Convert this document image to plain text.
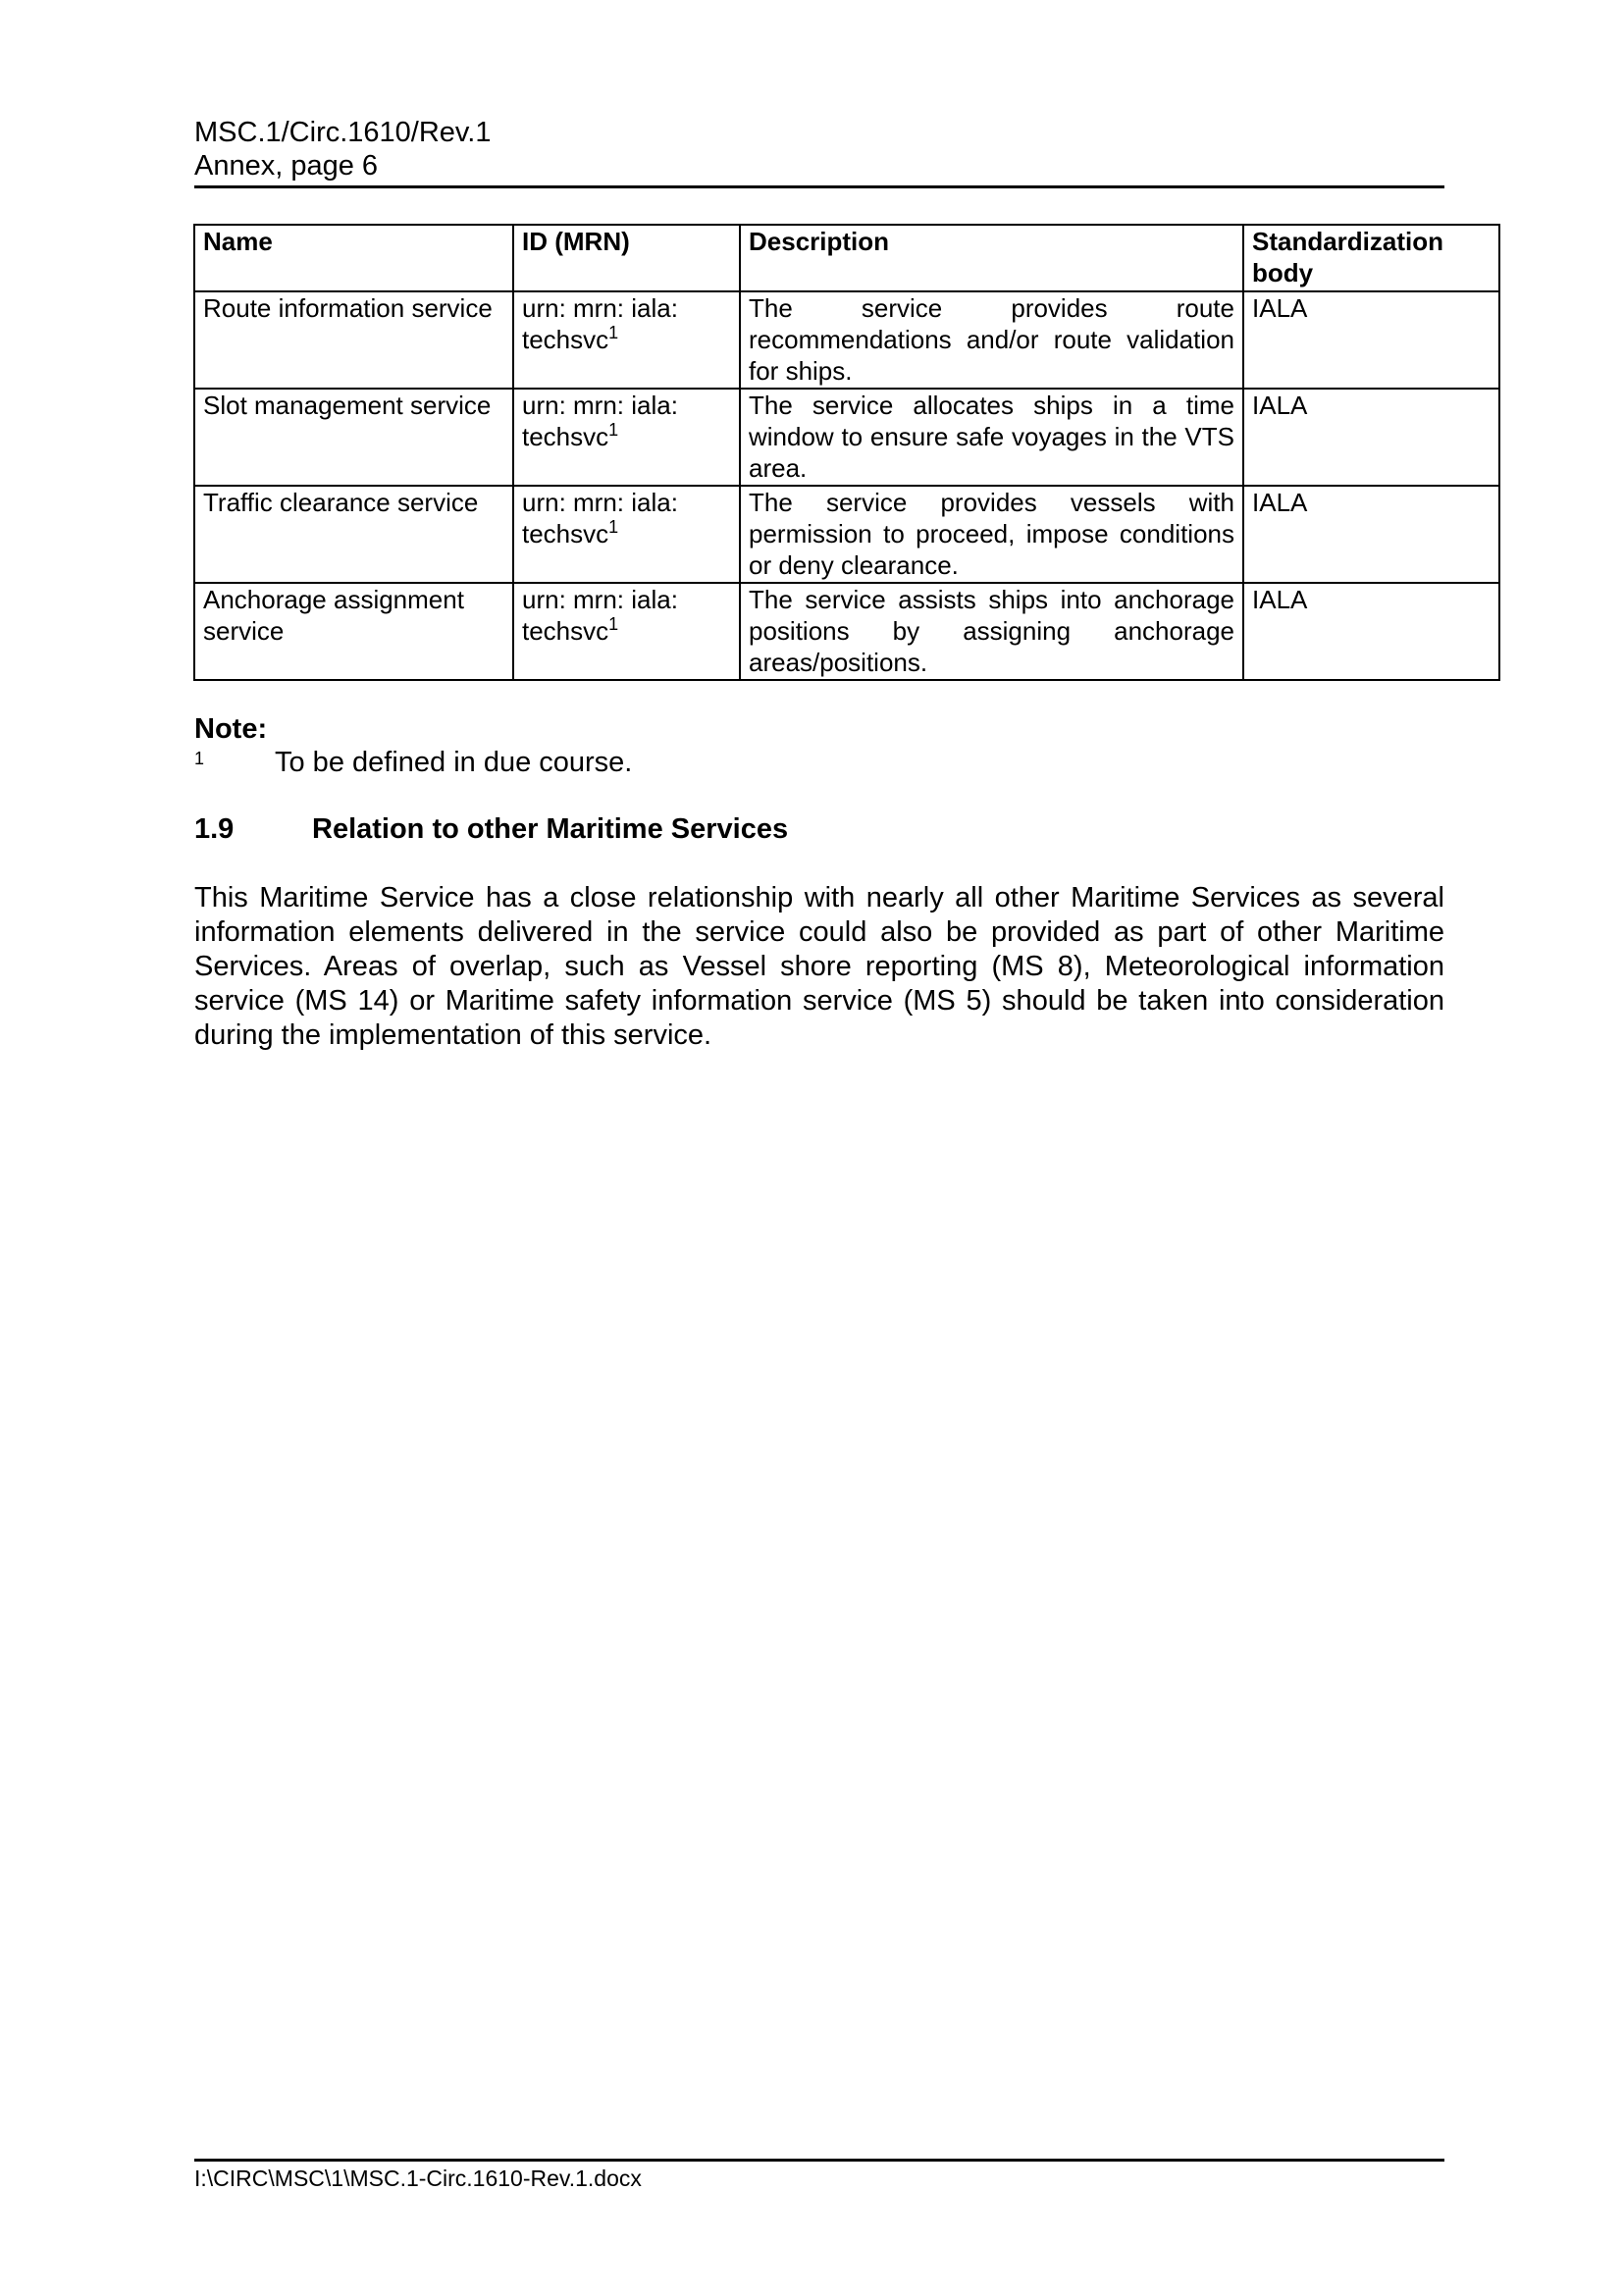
MSC.1/Circ.1610/Rev.1
Annex, page 6
Name	ID (MRN)	Description	Standardization body
Route information service	urn: mrn: iala: techsvc$^1$	The service provides route recommendations and/or route validation for ships.	IALA
Slot management service	urn: mrn: iala: techsvc$^1$	The service allocates ships in a time window to ensure safe voyages in the VTS area.	IALA
Traffic clearance service	urn: mrn: iala: techsvc$^1$	The service provides vessels with permission to proceed, impose conditions or deny clearance.	IALA
Anchorage assignment service	urn: mrn: iala: techsvc$^1$	The service assists ships into anchorage positions by assigning anchorage areas/positions.	IALA
Note:
1 To be defined in due course.
1.9	Relation to other Maritime Services
This Maritime Service has a close relationship with nearly all other Maritime Services as several information elements delivered in the service could also be provided as part of other Maritime Services. Areas of overlap, such as Vessel shore reporting (MS 8), Meteorological information service (MS 14) or Maritime safety information service (MS 5) should be taken into consideration during the implementation of this service.
I:\CIRC\MSC\1\MSC.1-Circ.1610-Rev.1.docx
